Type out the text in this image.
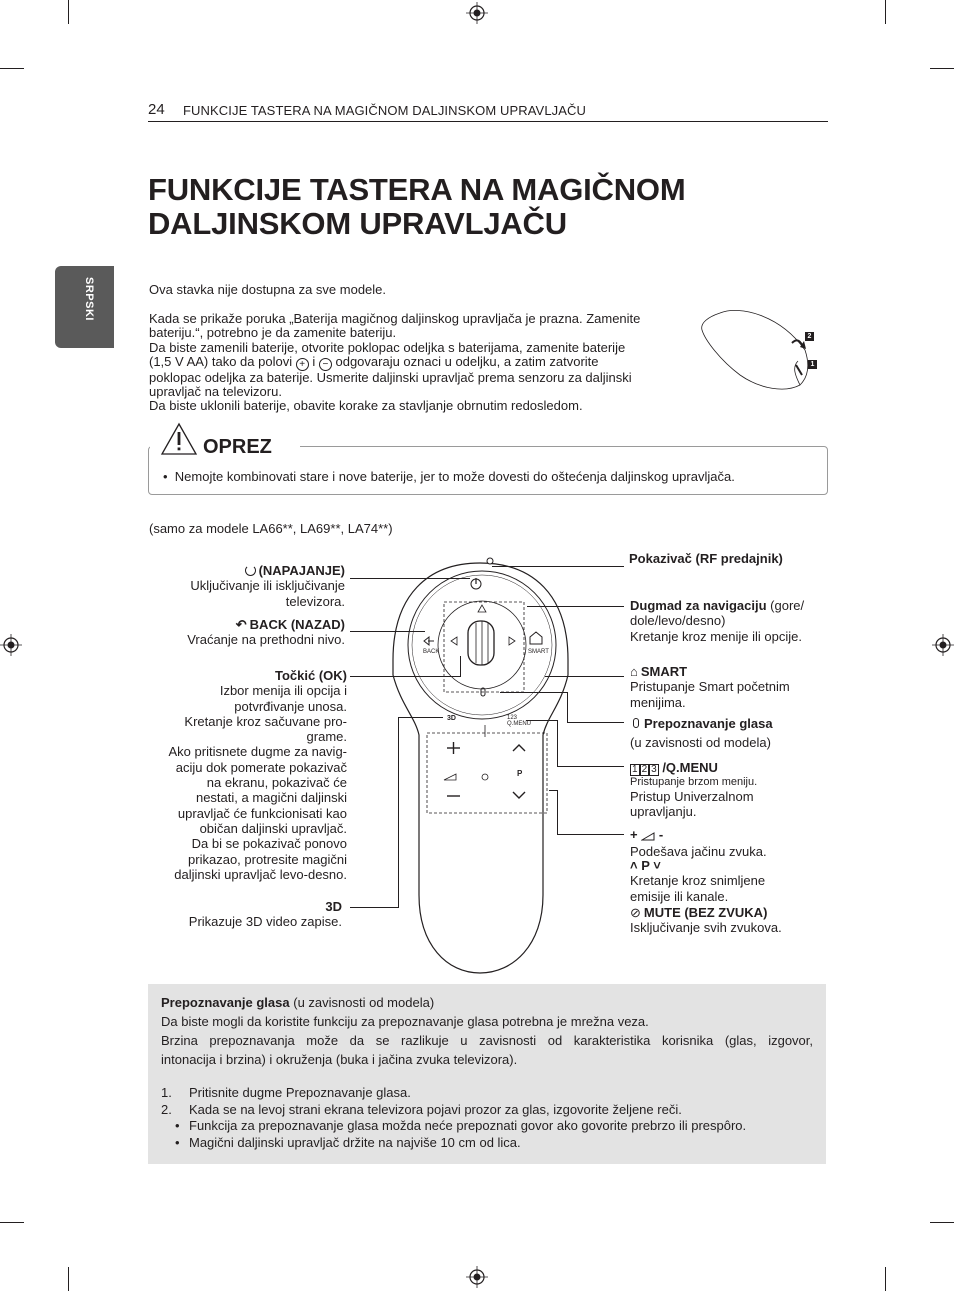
24 FUNKCIJE TASTERA NA MAGIČNOM DALJINSKOM UPRAVLJAČU
FUNKCIJE TASTERA NA MAGIČNOM
DALJINSKOM UPRAVLJAČU
SRPSKI	Ova stavka nije dostupna za sve modele.
Kada se prikaže poruka „Baterija magičnog daljinskog upravljača je prazna. Zamenite
bateriju.“, potrebno je da zamenite bateriju.
Da biste zamenili baterije, otvorite poklopac odeljka s baterijama, zamenite baterije
(1,5 V AA) tako da polovi + i − odgovaraju oznaci u odeljku, a zatim zatvorite
poklopac odeljka za baterije. Usmerite daljinski upravljač prema senzoru za daljinski
upravljač na televizoru.
Da biste uklonili baterije, obavite korake za stavljanje obrnutim redosledom.
2
1
OPREZ
• Nemojte kombinovati stare i nove baterije, jer to može dovesti do oštećenja daljinskog upravljača.
(samo za modele LA66**, LA69**, LA74**)
BACK	SMART
3D	123
Q.MENU
P
(NAPAJANJE)
Uključivanje ili isključivanje
televizora.
↶ BACK (NAZAD)
Vraćanje na prethodni nivo.
Točkić (OK)
Izbor menija ili opcija i
potvrđivanje unosa.
Kretanje kroz sačuvane pro-
grame.
Ako pritisnete dugme za navig-
aciju dok pomerate pokazivač
na ekranu, pokazivač će
nestati, a magični daljinski
upravljač će funkcionisati kao
običan daljinski upravljač.
Da bi se pokazivač ponovo
prikazao, protresite magični
daljinski upravljač levo-desno.
3D
Prikazuje 3D video zapise.
Pokazivač (RF predajnik)
Dugmad za navigaciju (gore/
dole/levo/desno)
Kretanje kroz menije ili opcije.
⌂ SMART
Pristupanje Smart početnim
menijima.
Prepoznavanje glasa
(u zavisnosti od modela)
1 2 3 /Q.MENU
Pristupanje brzom meniju.
Pristup Univerzalnom
upravljanju.
+ -
Podešava jačinu zvuka.
˄ P ˅
Kretanje kroz snimljene
emisije ili kanale.
⊘ MUTE (BEZ ZVUKA)
Isključivanje svih zvukova.
Prepoznavanje glasa (u zavisnosti od modela)
Da biste mogli da koristite funkciju za prepoznavanje glasa potrebna je mrežna veza.
Brzina prepoznavanja može da se razlikuje u zavisnosti od karakteristika korisnika (glas, izgovor,
intonacija i brzina) i okruženja (buka i jačina zvuka televizora).
1. Pritisnite dugme Prepoznavanje glasa.
2. Kada se na levoj strani ekrana televizora pojavi prozor za glas, izgovorite željene reči.
• Funkcija za prepoznavanje glasa možda neće prepoznati govor ako govorite prebrzo ili prespôro.
• Magični daljinski upravljač držite na najviše 10 cm od lica.
